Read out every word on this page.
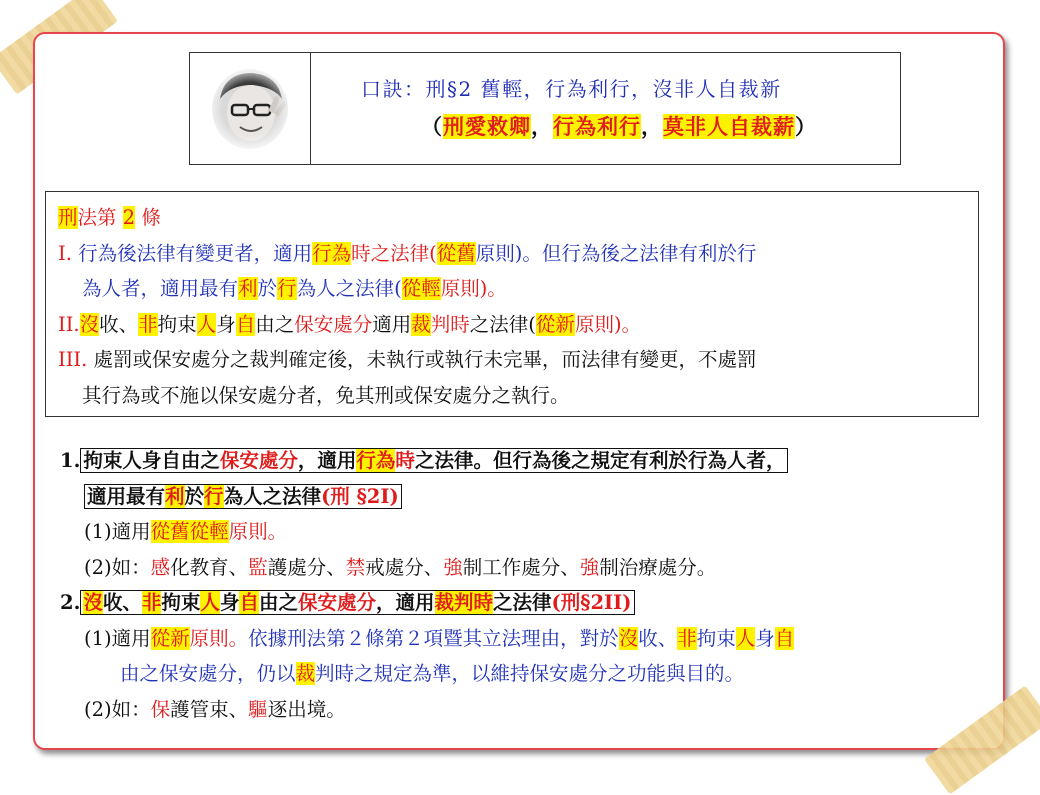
口訣：刑§2 舊輕，行為利行，沒非人自裁新
（刑愛救卿，行為利行，莫非人自裁薪）
刑法第 2 條
I. 行為後法律有變更者，適用行為時之法律(從舊原則)。但行為後之法律有利於行
為人者，適用最有利於行為人之法律(從輕原則)。
II.沒收、非拘束人身自由之保安處分適用裁判時之法律(從新原則)。
III. 處罰或保安處分之裁判確定後，未執行或執行未完畢，而法律有變更，不處罰
其行為或不施以保安處分者，免其刑或保安處分之執行。
1. 拘束人身自由之保安處分，適用行為時之法律。但行為後之規定有利於行為人者，
適用最有利於行為人之法律(刑 §2I)
(1)適用從舊從輕原則。
(2)如：感化教育、監護處分、禁戒處分、強制工作處分、強制治療處分。
2. 沒收、非拘束人身自由之保安處分，適用裁判時之法律(刑§2II)
(1)適用從新原則。依據刑法第２條第２項暨其立法理由，對於沒收、非拘束人身自
由之保安處分，仍以裁判時之規定為準，以維持保安處分之功能與目的。
(2)如：保護管束、驅逐出境。
